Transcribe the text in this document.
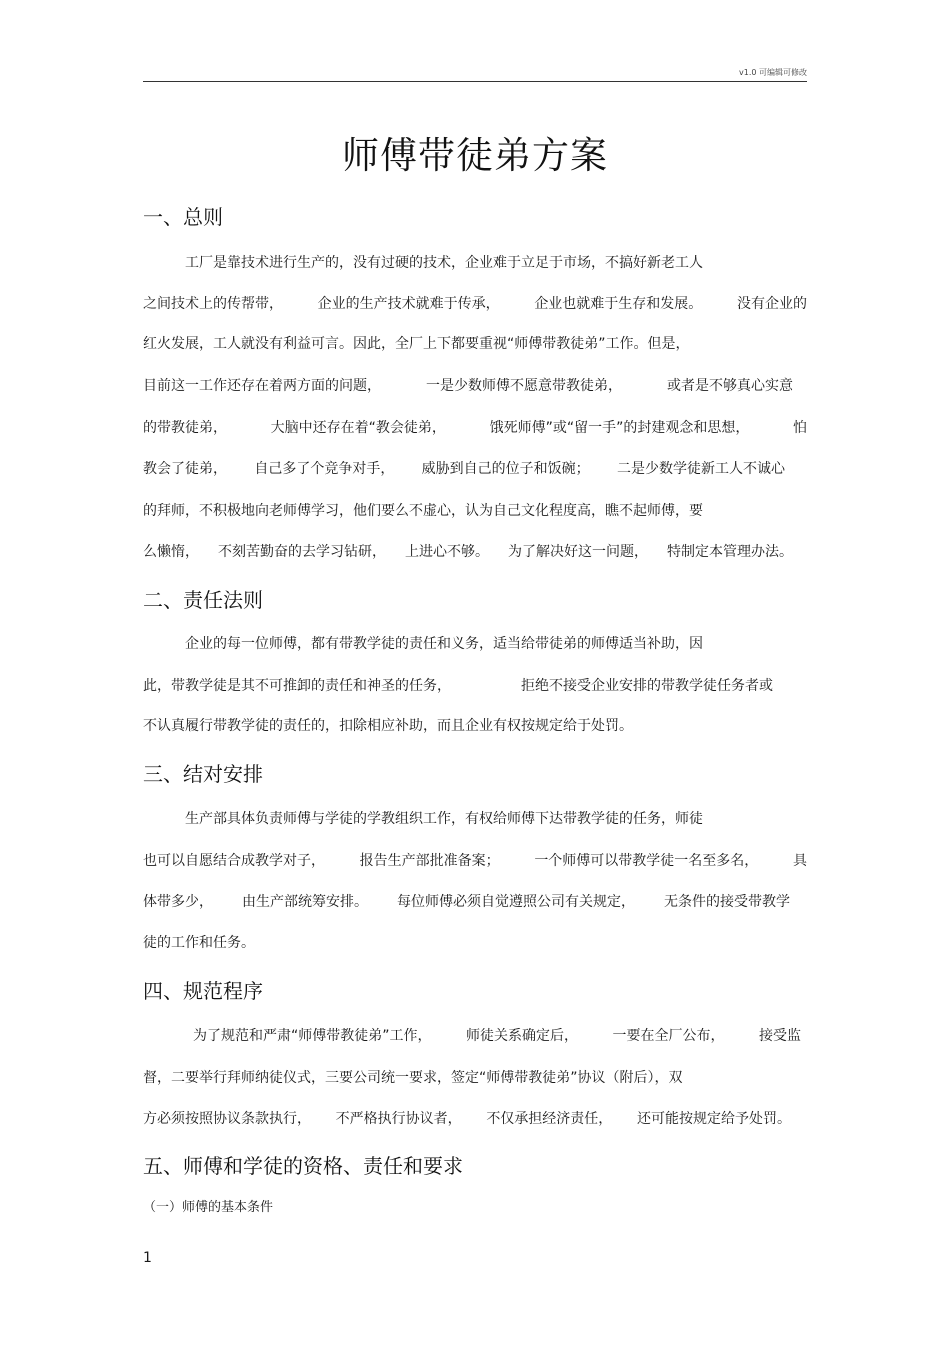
v1.0 可编辑可修改
师傅带徒弟方案
一、总则
工厂是靠技术进行生产的，没有过硬的技术，企业难于立足于市场，不搞好新老工人
之间技术上的传帮带， 企业的生产技术就难于传承， 企业也就难于生存和发展。 没有企业的
红火发展，工人就没有利益可言。因此，全厂上下都要重视“师傅带教徒弟”工作。但是，
目前这一工作还存在着两方面的问题，	一是少数师傅不愿意带教徒弟，	或者是不够真心实意
的带教徒弟，	大脑中还存在着“教会徒弟，	饿死师傅”或“留一手”的封建观念和思想，	怕
教会了徒弟， 自己多了个竞争对手， 威胁到自己的位子和饭碗； 二是少数学徒新工人不诚心
的拜师，不积极地向老师傅学习，他们要么不虚心，认为自己文化程度高，瞧不起师傅，要
么懒惰， 不刻苦勤奋的去学习钻研， 上进心不够。 为了解决好这一问题， 特制定本管理办法。
二、责任法则
企业的每一位师傅，都有带教学徒的责任和义务，适当给带徒弟的师傅适当补助，因
此，带教学徒是其不可推卸的责任和神圣的任务，	拒绝不接受企业安排的带教学徒任务者或
不认真履行带教学徒的责任的，扣除相应补助，而且企业有权按规定给于处罚。
三、结对安排
生产部具体负责师傅与学徒的学教组织工作，有权给师傅下达带教学徒的任务，师徒
也可以自愿结合成教学对子， 报告生产部批准备案； 一个师傅可以带教学徒一名至多名， 具
体带多少， 由生产部统筹安排。 每位师傅必须自觉遵照公司有关规定， 无条件的接受带教学
徒的工作和任务。
四、规范程序
为了规范和严肃“师傅带教徒弟”工作， 师徒关系确定后， 一要在全厂公布， 接受监
督，二要举行拜师纳徒仪式，三要公司统一要求，签定“师傅带教徒弟”协议（附后），双
方必须按照协议条款执行， 不严格执行协议者， 不仅承担经济责任， 还可能按规定给予处罚。
五、师傅和学徒的资格、责任和要求
（一）师傅的基本条件
1
